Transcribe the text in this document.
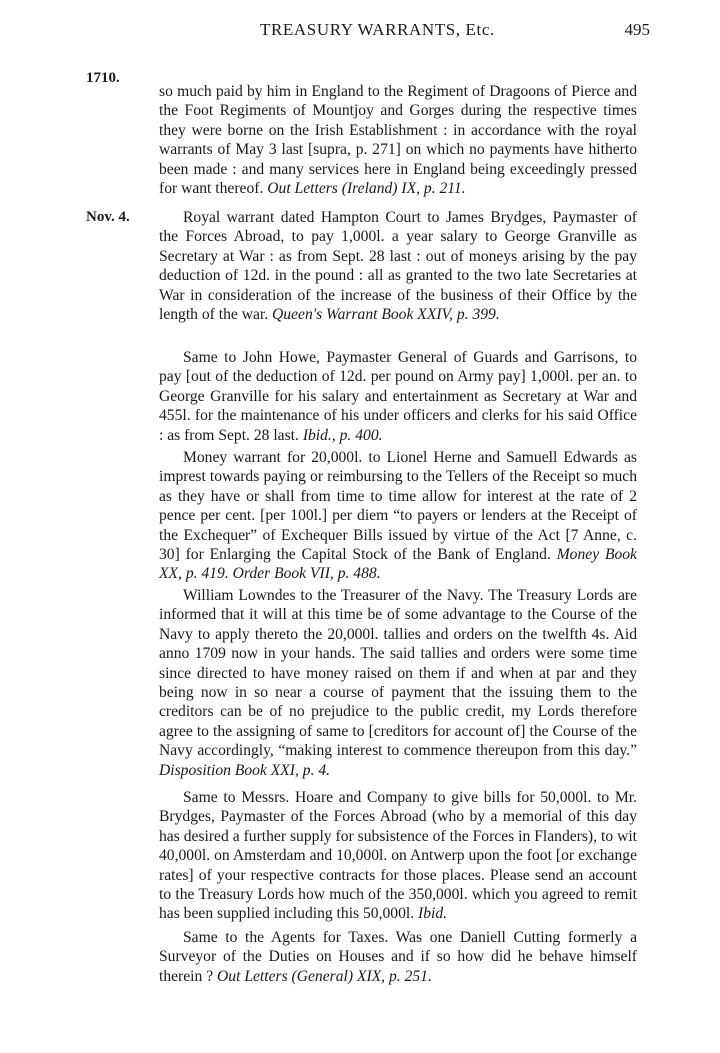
TREASURY WARRANTS, Etc.	495
1710.

so much paid by him in England to the Regiment of Dragoons of Pierce and the Foot Regiments of Mountjoy and Gorges during the respective times they were borne on the Irish Establishment : in accordance with the royal warrants of May 3 last [supra, p. 271] on which no payments have hitherto been made : and many services here in England being exceedingly pressed for want thereof. Out Letters (Ireland) IX, p. 211.

Nov. 4.	Royal warrant dated Hampton Court to James Brydges, Paymaster of the Forces Abroad, to pay 1,000l. a year salary to George Granville as Secretary at War : as from Sept. 28 last : out of moneys arising by the pay deduction of 12d. in the pound : all as granted to the two late Secretaries at War in consideration of the increase of the business of their Office by the length of the war. Queen's Warrant Book XXIV, p. 399.

Same to John Howe, Paymaster General of Guards and Garrisons, to pay [out of the deduction of 12d. per pound on Army pay] 1,000l. per an. to George Granville for his salary and entertainment as Secretary at War and 455l. for the maintenance of his under officers and clerks for his said Office : as from Sept. 28 last. Ibid., p. 400.

Money warrant for 20,000l. to Lionel Herne and Samuell Edwards as imprest towards paying or reimbursing to the Tellers of the Receipt so much as they have or shall from time to time allow for interest at the rate of 2 pence per cent. [per 100l.] per diem “to payers or lenders at the Receipt of the Exchequer” of Exchequer Bills issued by virtue of the Act [7 Anne, c. 30] for Enlarging the Capital Stock of the Bank of England. Money Book XX, p. 419. Order Book VII, p. 488.

William Lowndes to the Treasurer of the Navy. The Treasury Lords are informed that it will at this time be of some advantage to the Course of the Navy to apply thereto the 20,000l. tallies and orders on the twelfth 4s. Aid anno 1709 now in your hands. The said tallies and orders were some time since directed to have money raised on them if and when at par and they being now in so near a course of payment that the issuing them to the creditors can be of no prejudice to the public credit, my Lords therefore agree to the assigning of same to [creditors for account of] the Course of the Navy accordingly, “making interest to commence thereupon from this day.” Disposition Book XXI, p. 4.

Same to Messrs. Hoare and Company to give bills for 50,000l. to Mr. Brydges, Paymaster of the Forces Abroad (who by a memorial of this day has desired a further supply for subsistence of the Forces in Flanders), to wit 40,000l. on Amsterdam and 10,000l. on Antwerp upon the foot [or exchange rates] of your respective contracts for those places. Please send an account to the Treasury Lords how much of the 350,000l. which you agreed to remit has been supplied including this 50,000l. Ibid.

Same to the Agents for Taxes. Was one Daniell Cutting formerly a Surveyor of the Duties on Houses and if so how did he behave himself therein ? Out Letters (General) XIX, p. 251.
